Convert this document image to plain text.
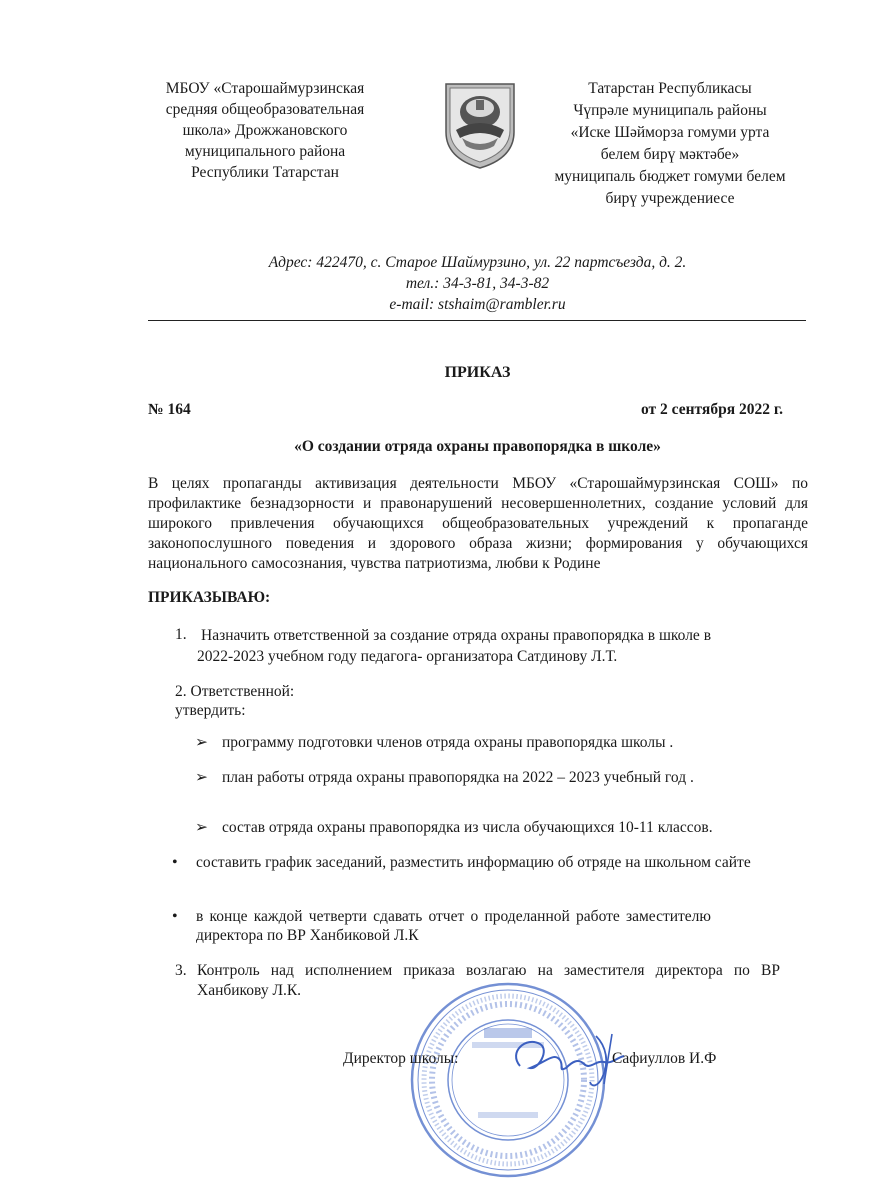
МБОУ «Старошаймурзинская
средняя общеобразовательная
школа» Дрожжановского
муниципального района
Республики Татарстан
Татарстан Республикасы
Чүпрәле муниципаль районы
«Иске Шәйморза гомуми урта
белем бирү мәктәбе»
муниципаль бюджет гомуми белем
бирү учреждениесе
Адрес: 422470, с. Старое Шаймурзино, ул. 22 партсъезда, д. 2.
тел.: 34-3-81, 34-3-82
e-mail: stshaim@rambler.ru
ПРИКАЗ
№ 164	от 2 сентября 2022 г.
«О создании отряда охраны правопорядка в школе»
В целях пропаганды активизация деятельности МБОУ «Старошаймурзинская СОШ» по профилактике безнадзорности и правонарушений несовершеннолетних, создание условий для широкого привлечения обучающихся общеобразовательных учреждений к пропаганде законопослушного поведения и здорового образа жизни; формирования у обучающихся национального самосознания, чувства патриотизма, любви к Родине
ПРИКАЗЫВАЮ:
1. Назначить ответственной за создание отряда охраны правопорядка в школе в
2022-2023 учебном году педагога- организатора Сатдинову Л.Т.
2. Ответственной:
утвердить:
➢ программу подготовки членов отряда охраны правопорядка школы .
➢ план работы отряда охраны правопорядка на 2022 – 2023 учебный год .
➢ состав отряда охраны правопорядка из числа обучающихся 10-11 классов.
• составить график заседаний, разместить информацию об отряде на школьном сайте
• в конце каждой четверти сдавать отчет о проделанной работе заместителю директора по ВР Ханбиковой Л.К
3. Контроль над исполнением приказа возлагаю на заместителя директора по ВР Ханбикову Л.К.
Директор школы:	Сафиуллов И.Ф
